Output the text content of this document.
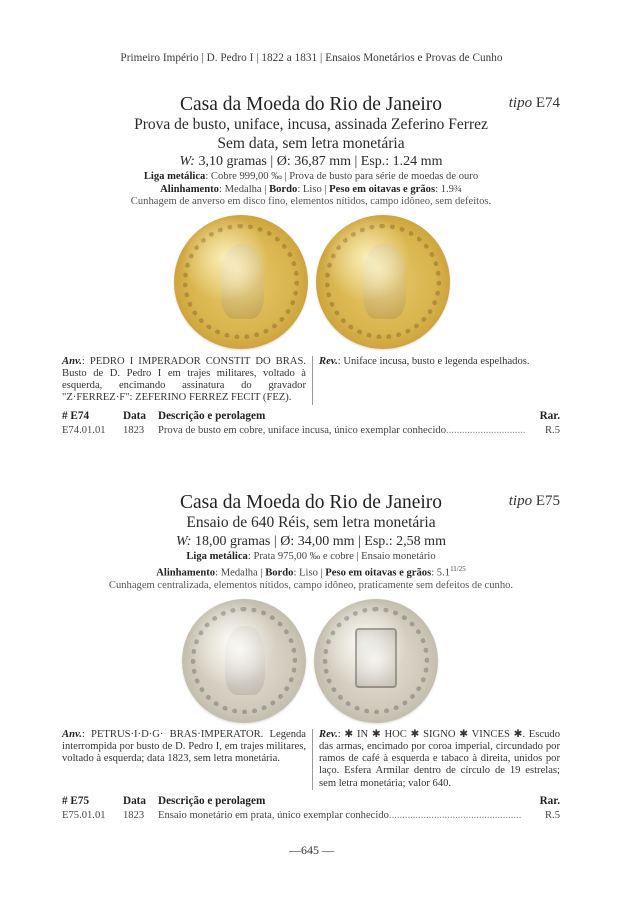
Primeiro Império | D. Pedro I | 1822 a 1831 | Ensaios Monetários e Provas de Cunho
Casa da Moeda do Rio de Janeiro	tipo E74
Prova de busto, uniface, incusa, assinada Zeferino Ferrez
Sem data, sem letra monetária
W: 3,10 gramas | Ø: 36,87 mm | Esp.: 1.24 mm
Liga metálica: Cobre 999,00 ‰ | Prova de busto para série de moedas de ouro
Alinhamento: Medalha | Bordo: Liso | Peso em oitavas e grãos: 1.9¾
Cunhagem de anverso em disco fino, elementos nítidos, campo idôneo, sem defeitos.
Anv.: PEDRO I IMPERADOR CONSTIT DO BRAS. Busto de D. Pedro I em trajes militares, voltado à esquerda, encimando assinatura do gravador "Z·FERREZ·F": ZEFERINO FERREZ FECIT (FEZ).
Rev.: Uniface incusa, busto e legenda espelhados.
# E74	Data	Descrição e perolagem	Rar.
E74.01.01	1823	Prova de busto em cobre, uniface incusa, único exemplar conhecido..............................	R.5
Casa da Moeda do Rio de Janeiro	tipo E75
Ensaio de 640 Réis, sem letra monetária
W: 18,00 gramas | Ø: 34,00 mm | Esp.: 2,58 mm
Liga metálica: Prata 975,00 ‰ e cobre | Ensaio monetário
Alinhamento: Medalha | Bordo: Liso | Peso em oitavas e grãos: $5.1^{11/25}$
Cunhagem centralizada, elementos nítidos, campo idôneo, praticamente sem defeitos de cunho.
Anv.: PETRUS·I·D·G· BRAS·IMPERATOR. Legenda interrompida por busto de D. Pedro I, em trajes militares, voltado à esquerda; data 1823, sem letra monetária.
Rev.: ✱ IN ✱ HOC ✱ SIGNO ✱ VINCES ✱. Escudo das armas, encimado por coroa imperial, circundado por ramos de café à esquerda e tabaco à direita, unidos por laço. Esfera Armilar dentro de círculo de 19 estrelas; sem letra monetária; valor 640.
# E75	Data	Descrição e perolagem	Rar.
E75.01.01	1823	Ensaio monetário em prata, único exemplar conhecido..................................................	R.5
—645 —
